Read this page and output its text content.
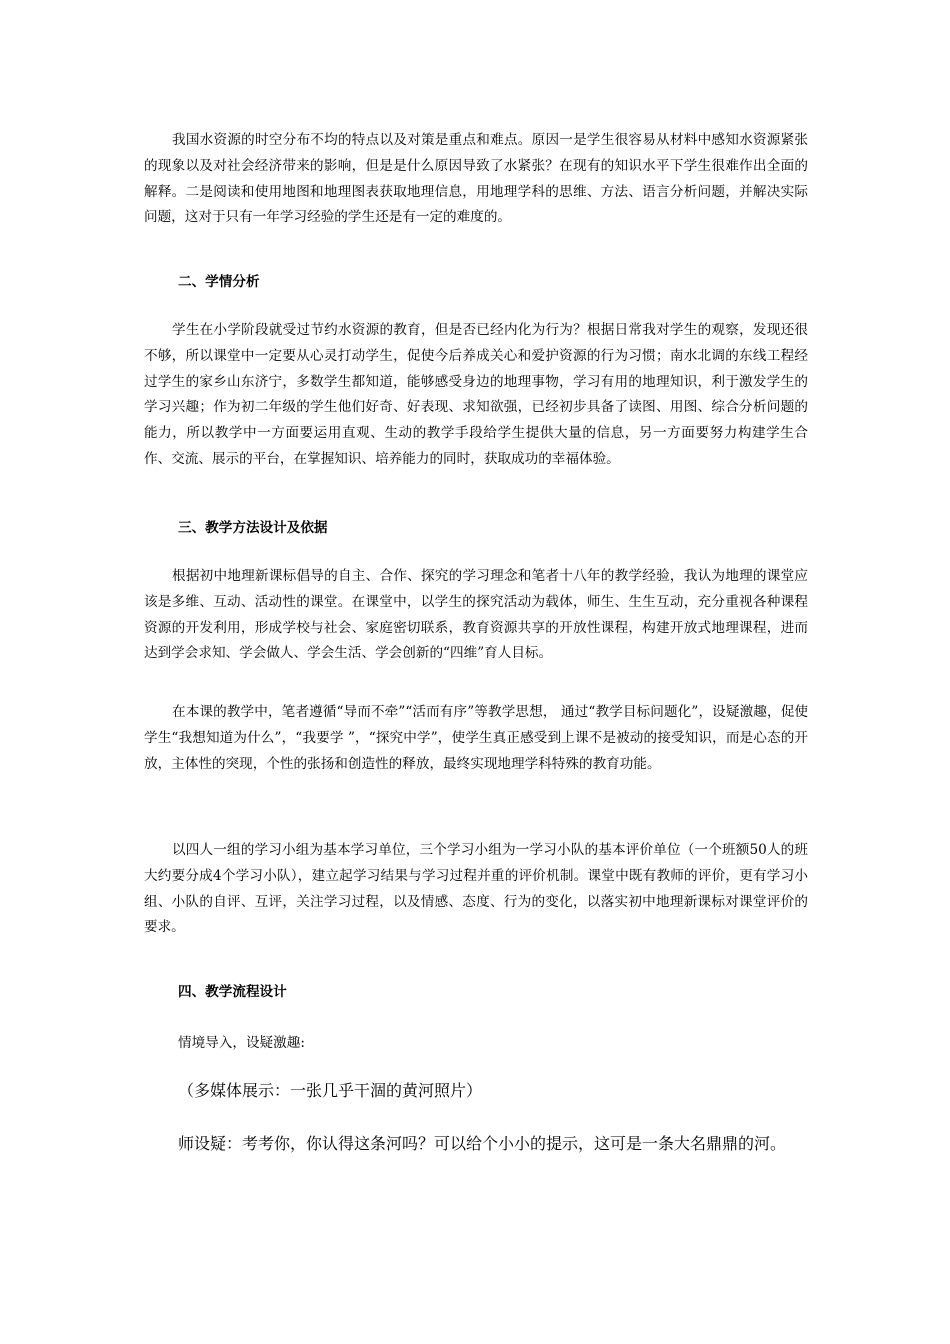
我国水资源的时空分布不均的特点以及对策是重点和难点。原因一是学生很容易从材料中感知水资源紧张的现象以及对社会经济带来的影响，但是是什么原因导致了水紧张？在现有的知识水平下学生很难作出全面的解释。二是阅读和使用地图和地理图表获取地理信息，用地理学科的思维、方法、语言分析问题，并解决实际问题，这对于只有一年学习经验的学生还是有一定的难度的。

二、学情分析

学生在小学阶段就受过节约水资源的教育，但是否已经内化为行为？根据日常我对学生的观察，发现还很不够，所以课堂中一定要从心灵打动学生，促使今后养成关心和爱护资源的行为习惯；南水北调的东线工程经过学生的家乡山东济宁，多数学生都知道，能够感受身边的地理事物，学习有用的地理知识，利于激发学生的学习兴趣；作为初二年级的学生他们好奇、好表现、求知欲强，已经初步具备了读图、用图、综合分析问题的能力，所以教学中一方面要运用直观、生动的教学手段给学生提供大量的信息，另一方面要努力构建学生合作、交流、展示的平台，在掌握知识、培养能力的同时，获取成功的幸福体验。

三、教学方法设计及依据

根据初中地理新课标倡导的自主、合作、探究的学习理念和笔者十八年的教学经验，我认为地理的课堂应该是多维、互动、活动性的课堂。在课堂中，以学生的探究活动为载体，师生、生生互动，充分重视各种课程资源的开发利用，形成学校与社会、家庭密切联系，教育资源共享的开放性课程，构建开放式地理课程，进而达到学会求知、学会做人、学会生活、学会创新的“四维”育人目标。

在本课的教学中，笔者遵循“导而不牵”“活而有序”等教学思想， 通过“教学目标问题化”，设疑激趣，促使学生“我想知道为什么”，“我要学 ”，“探究中学”，使学生真正感受到上课不是被动的接受知识，而是心态的开放，主体性的突现，个性的张扬和创造性的释放，最终实现地理学科特殊的教育功能。

以四人一组的学习小组为基本学习单位，三个学习小组为一学习小队的基本评价单位（一个班额50人的班大约要分成4个学习小队），建立起学习结果与学习过程并重的评价机制。课堂中既有教师的评价，更有学习小组、小队的自评、互评，关注学习过程，以及情感、态度、行为的变化，以落实初中地理新课标对课堂评价的要求。

四、教学流程设计

情境导入，设疑激趣:

（多媒体展示：一张几乎干涸的黄河照片）

师设疑：考考你，你认得这条河吗？可以给个小小的提示，这可是一条大名鼎鼎的河。
